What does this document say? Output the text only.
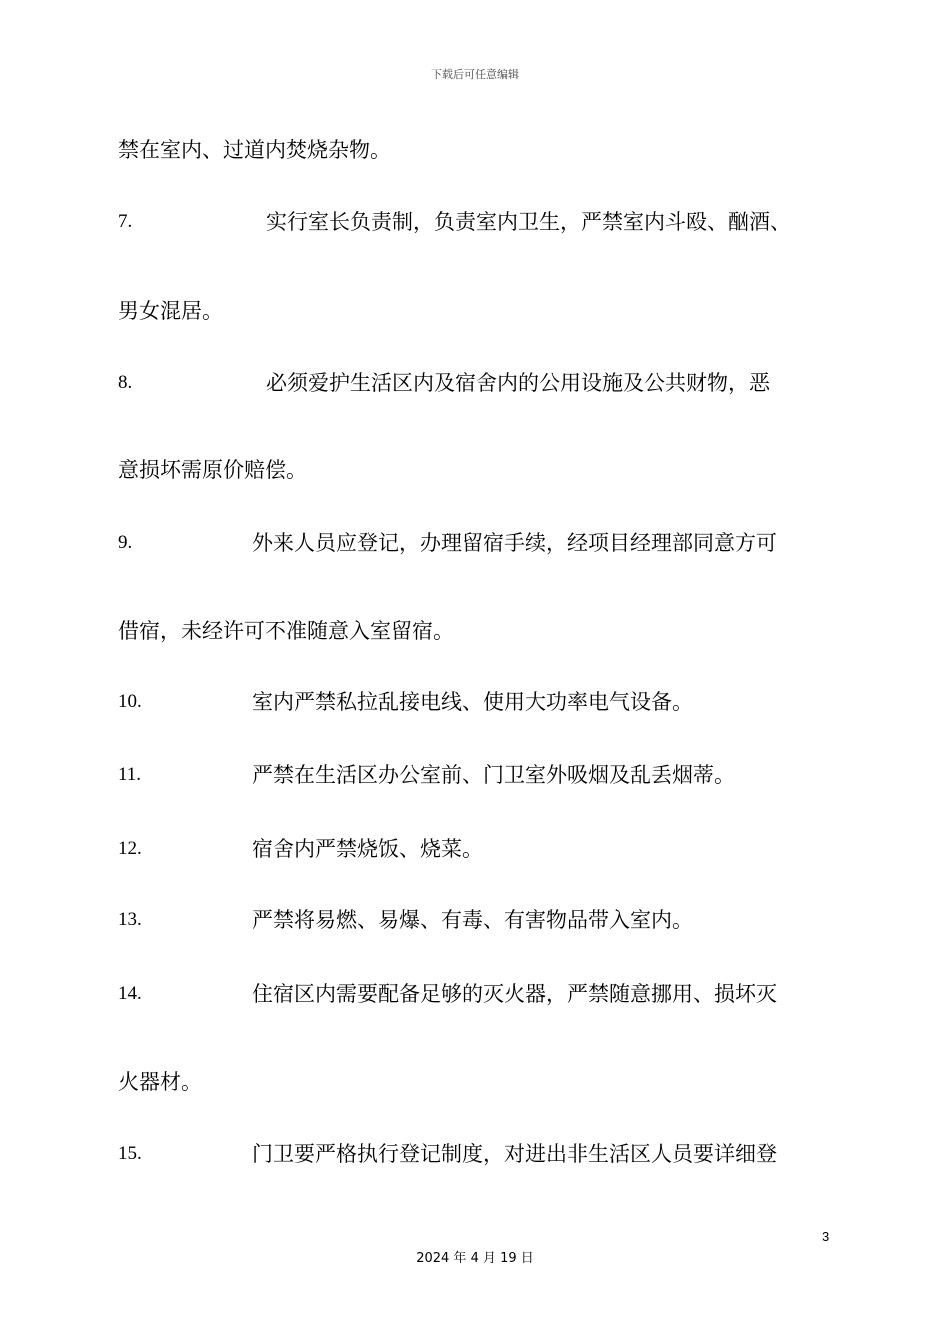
下载后可任意编辑
禁在室内、过道内焚烧杂物。
7.	实行室长负责制，负责室内卫生，严禁室内斗殴、酗酒、
男女混居。
8.	必须爱护生活区内及宿舍内的公用设施及公共财物，恶
意损坏需原价赔偿。
9.	外来人员应登记，办理留宿手续，经项目经理部同意方可
借宿，未经许可不准随意入室留宿。
10.	室内严禁私拉乱接电线、使用大功率电气设备。
11.	严禁在生活区办公室前、门卫室外吸烟及乱丢烟蒂。
12.	宿舍内严禁烧饭、烧菜。
13.	严禁将易燃、易爆、有毒、有害物品带入室内。
14.	住宿区内需要配备足够的灭火器，严禁随意挪用、损坏灭
火器材。
15.	门卫要严格执行登记制度，对进出非生活区人员要详细登
3
2024 年 4 月 19 日
